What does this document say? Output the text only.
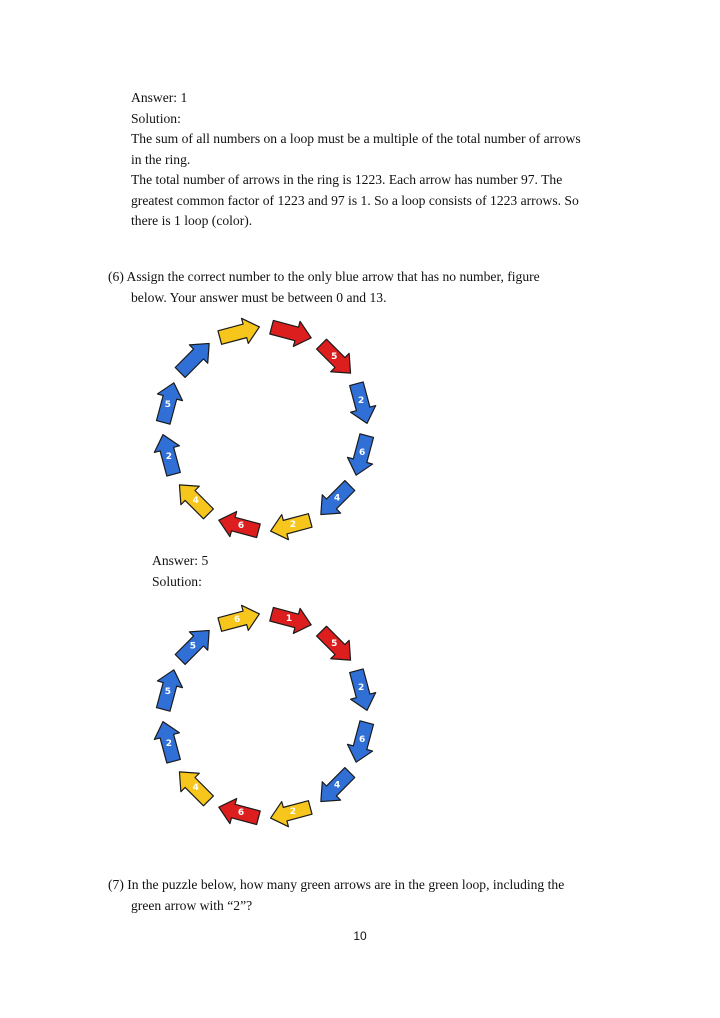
Answer: 1
Solution:
The sum of all numbers on a loop must be a multiple of the total number of arrows
in the ring.
The total number of arrows in the ring is 1223. Each arrow has number 97. The
greatest common factor of 1223 and 97 is 1. So a loop consists of 1223 arrows. So
there is 1 loop (color).
(6) Assign the correct number to the only blue arrow that has no number, figure
below. Your answer must be between 0 and 13.
5
2
6
4
2
6
4
2
5
Answer: 5
Solution:
6	1
5
2
6
4
2
6
4
2
5
5
(7) In the puzzle below, how many green arrows are in the green loop, including the
green arrow with “2”?
10
